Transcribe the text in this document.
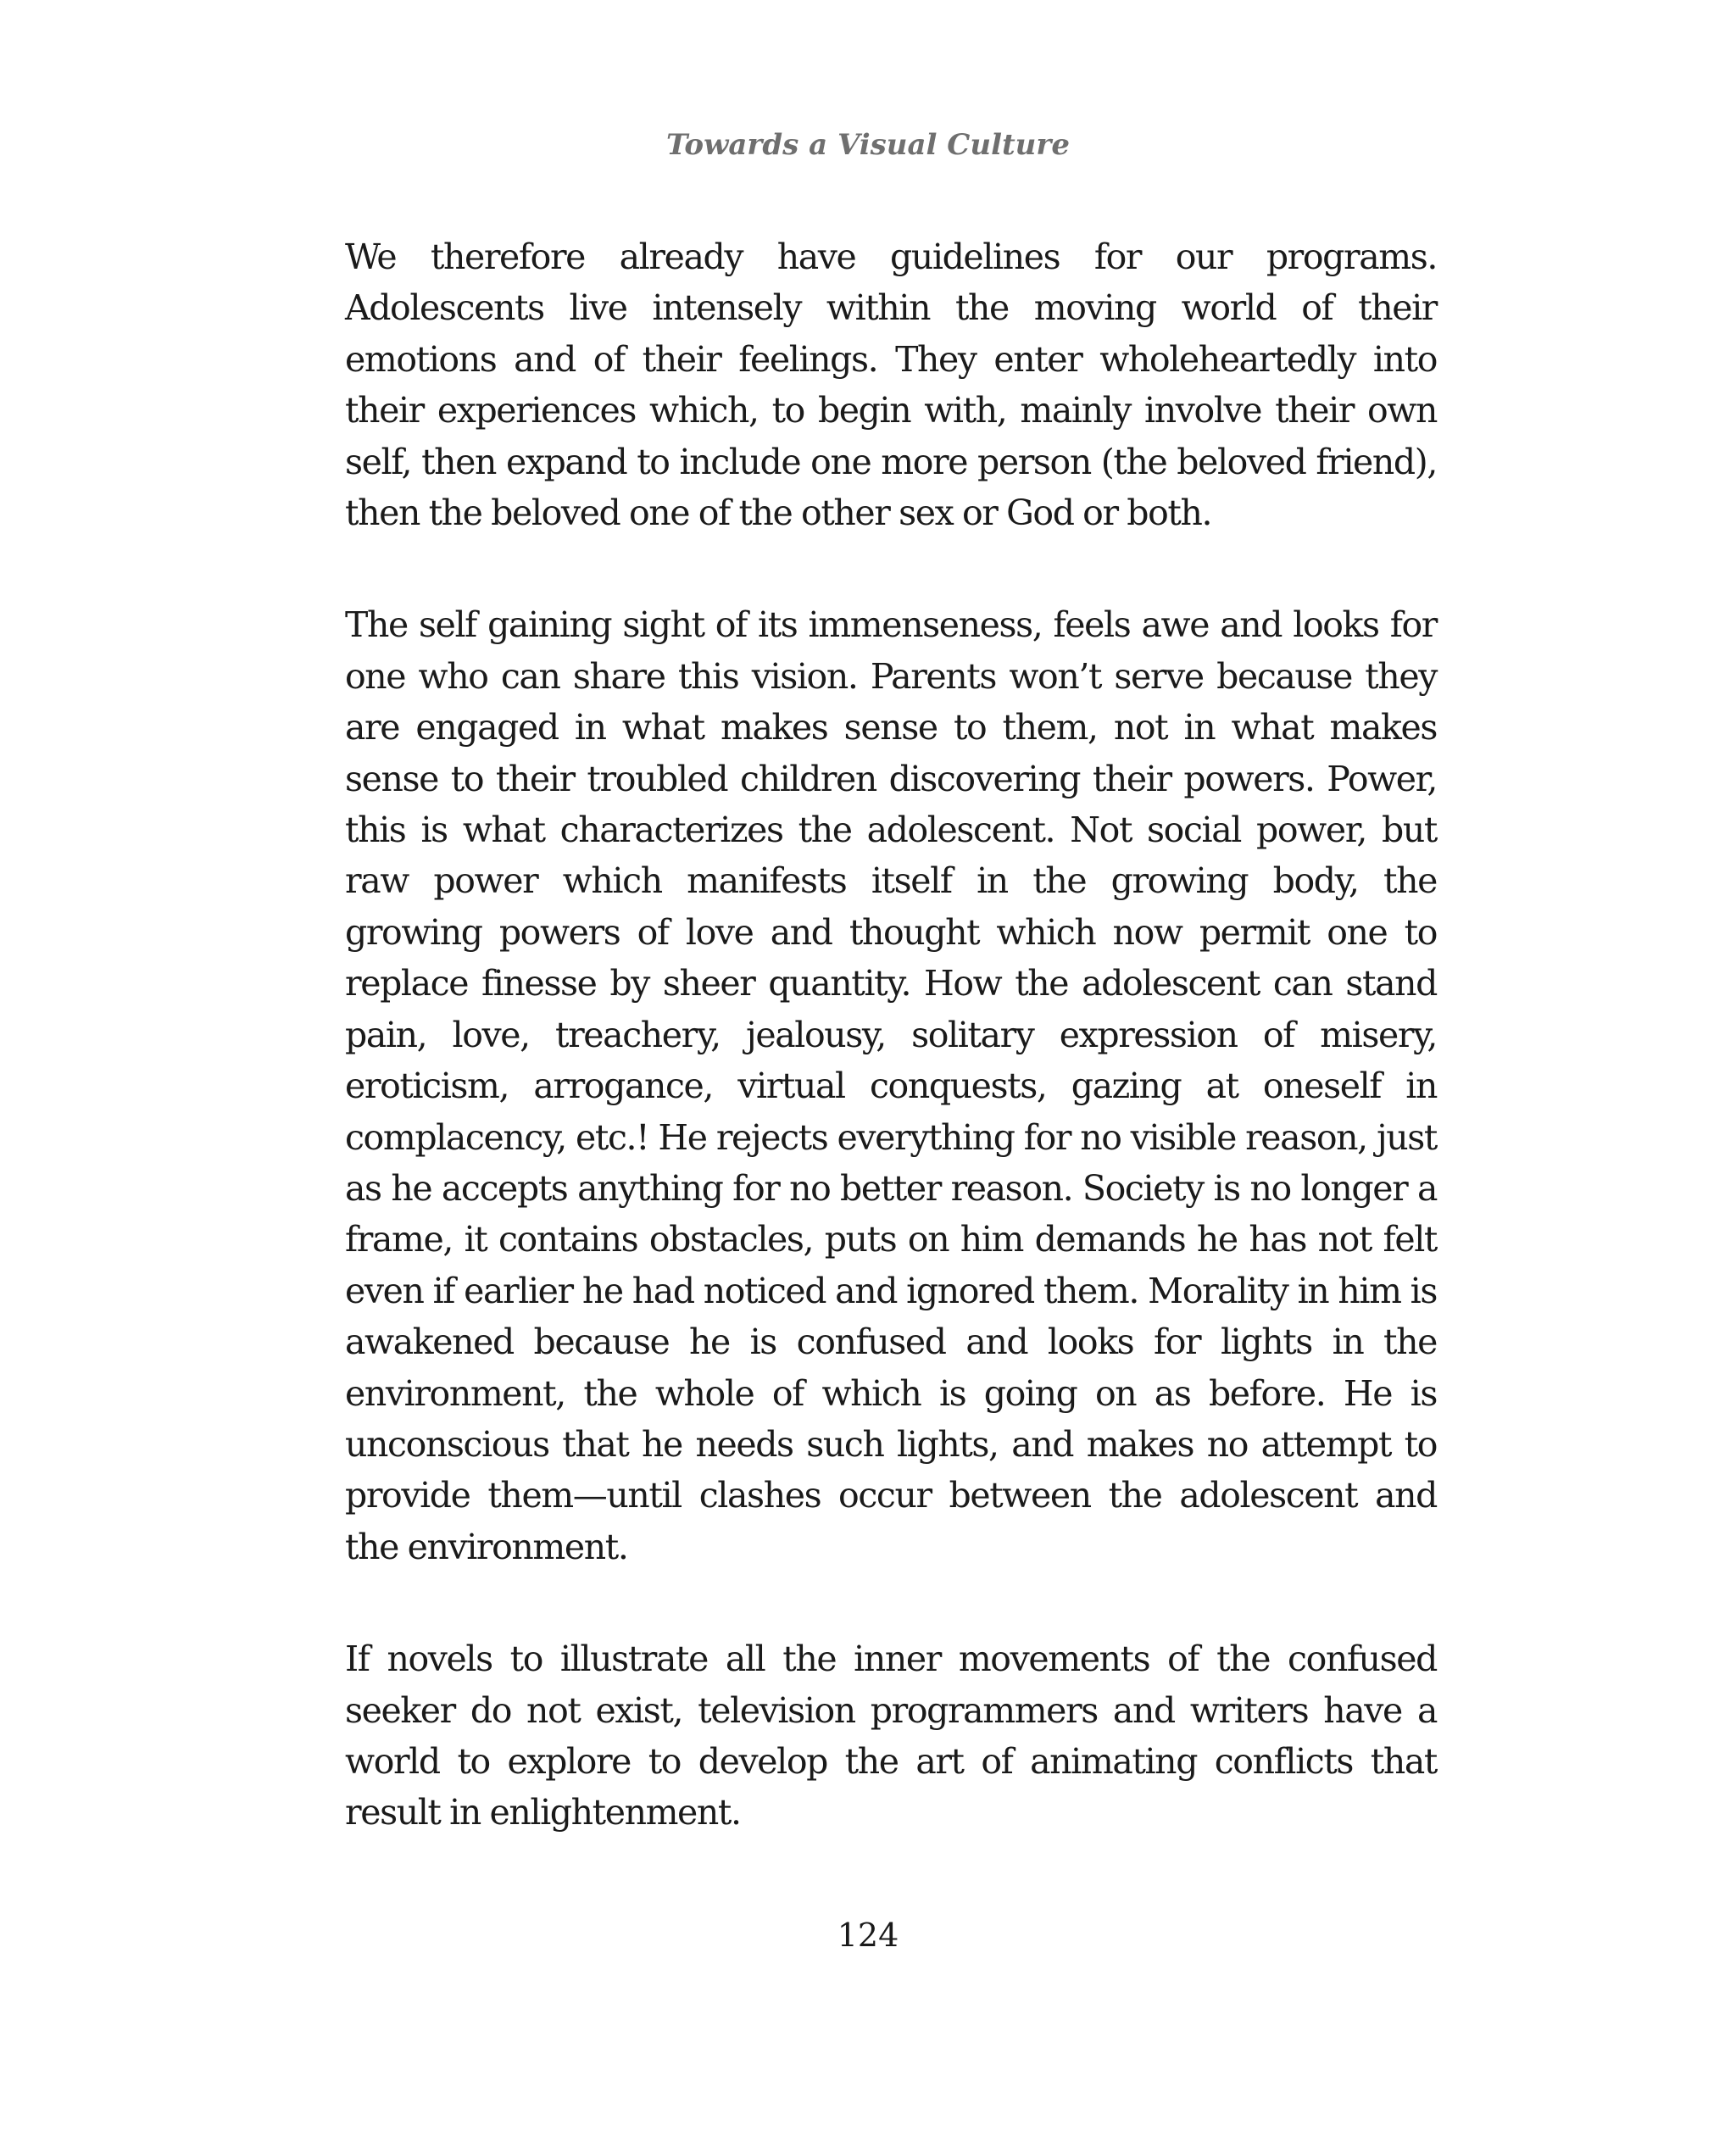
Towards a Visual Culture

We therefore already have guidelines for our programs. Adolescents live intensely within the moving world of their emotions and of their feelings. They enter wholeheartedly into their experiences which, to begin with, mainly involve their own self, then expand to include one more person (the beloved friend), then the beloved one of the other sex or God or both.

The self gaining sight of its immenseness, feels awe and looks for one who can share this vision. Parents won’t serve because they are engaged in what makes sense to them, not in what makes sense to their troubled children discovering their powers. Power, this is what characterizes the adolescent. Not social power, but raw power which manifests itself in the growing body, the growing powers of love and thought which now permit one to replace finesse by sheer quantity. How the adolescent can stand pain, love, treachery, jealousy, solitary expression of misery, eroticism, arrogance, virtual conquests, gazing at oneself in complacency, etc.! He rejects everything for no visible reason, just as he accepts anything for no better reason. Society is no longer a frame, it contains obstacles, puts on him demands he has not felt even if earlier he had noticed and ignored them. Morality in him is awakened because he is confused and looks for lights in the environment, the whole of which is going on as before. He is unconscious that he needs such lights, and makes no attempt to provide them—until clashes occur between the adolescent and the environment.

If novels to illustrate all the inner movements of the confused seeker do not exist, television programmers and writers have a world to explore to develop the art of animating conflicts that result in enlightenment.

124
